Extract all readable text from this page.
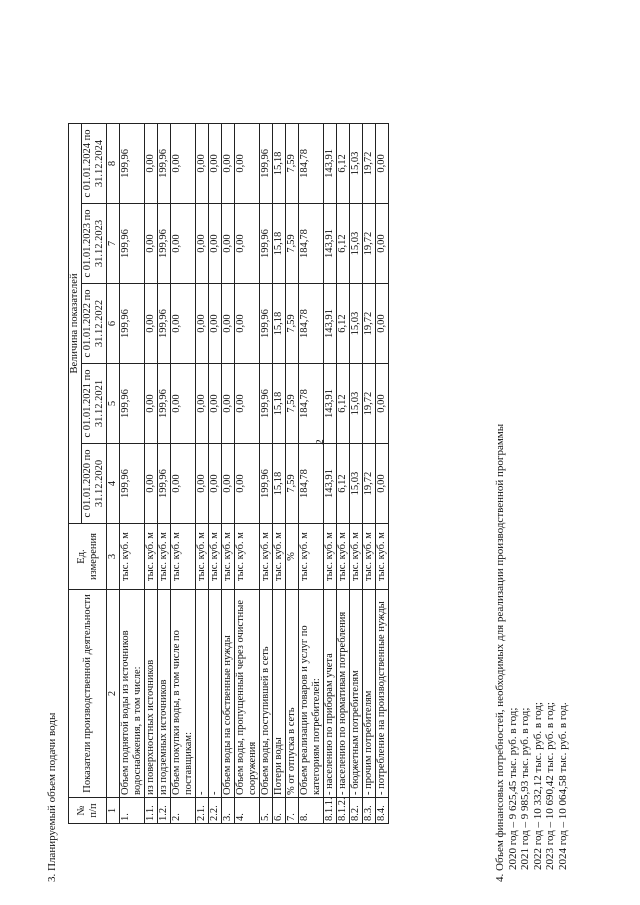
2
3. Планируемый объем подачи воды № п/п	Показатели производственной деятельности	Ед. измерения	Величина показателей				
			с 01.01.2020 по 31.12.2020	с 01.01.2021 по 31.12.2021	с 01.01.2022 по 31.12.2022	с 01.01.2023 по 31.12.2023	с 01.01.2024 по 31.12.2024
1	2	3	4	5	6	7	8
1.	Объем поднятой воды из источников водоснабжения, в том числе:	тыс. куб. м	199,96	199,96	199,96	199,96	199,96
1.1.	из поверхностных источников	тыс. куб. м	0,00	0,00	0,00	0,00	0,00
1.2.	из подземных источников	тыс. куб. м	199,96	199,96	199,96	199,96	199,96
2.	Объем покупки воды, в том числе по поставщикам:	тыс. куб. м	0,00	0,00	0,00	0,00	0,00
2.1.	-	тыс. куб. м	0,00	0,00	0,00	0,00	0,00
2.2.	-	тыс. куб. м	0,00	0,00	0,00	0,00	0,00
3.	Объем воды на собственные нужды	тыс. куб. м	0,00	0,00	0,00	0,00	0,00
4.	Объем воды, пропущенный через очистные сооружения	тыс. куб. м	0,00	0,00	0,00	0,00	0,00
5.	Объем воды, поступившей в сеть	тыс. куб. м	199,96	199,96	199,96	199,96	199,96
6.	Потери воды	тыс. куб. м	15,18	15,18	15,18	15,18	15,18
7.	% от отпуска в сеть	%	7,59	7,59	7,59	7,59	7,59
8.	Объем реализации товаров и услуг по категориям потребителей:	тыс. куб. м	184,78	184,78	184,78	184,78	184,78
8.1.1.	- населению по приборам учета	тыс. куб. м	143,91	143,91	143,91	143,91	143,91
8.1.2.	- населению по нормативам потребления	тыс. куб. м	6,12	6,12	6,12	6,12	6,12
8.2.	- бюджетным потребителям	тыс. куб. м	15,03	15,03	15,03	15,03	15,03
8.3.	- прочим потребителям	тыс. куб. м	19,72	19,72	19,72	19,72	19,72
8.4.	- потребление на производственные нужды	тыс. куб. м	0,00	0,00	0,00	0,00	0,00
4. Объем финансовых потребностей, необходимых для реализации производственной программы 2020 год – 9 625,45 тыс. руб. в год; 2021 год – 9 985,93 тыс. руб. в год; 2022 год – 10 332,12 тыс. руб. в год; 2023 год – 10 690,42 тыс. руб. в год; 2024 год – 10 064,58 тыс. руб. в год.
